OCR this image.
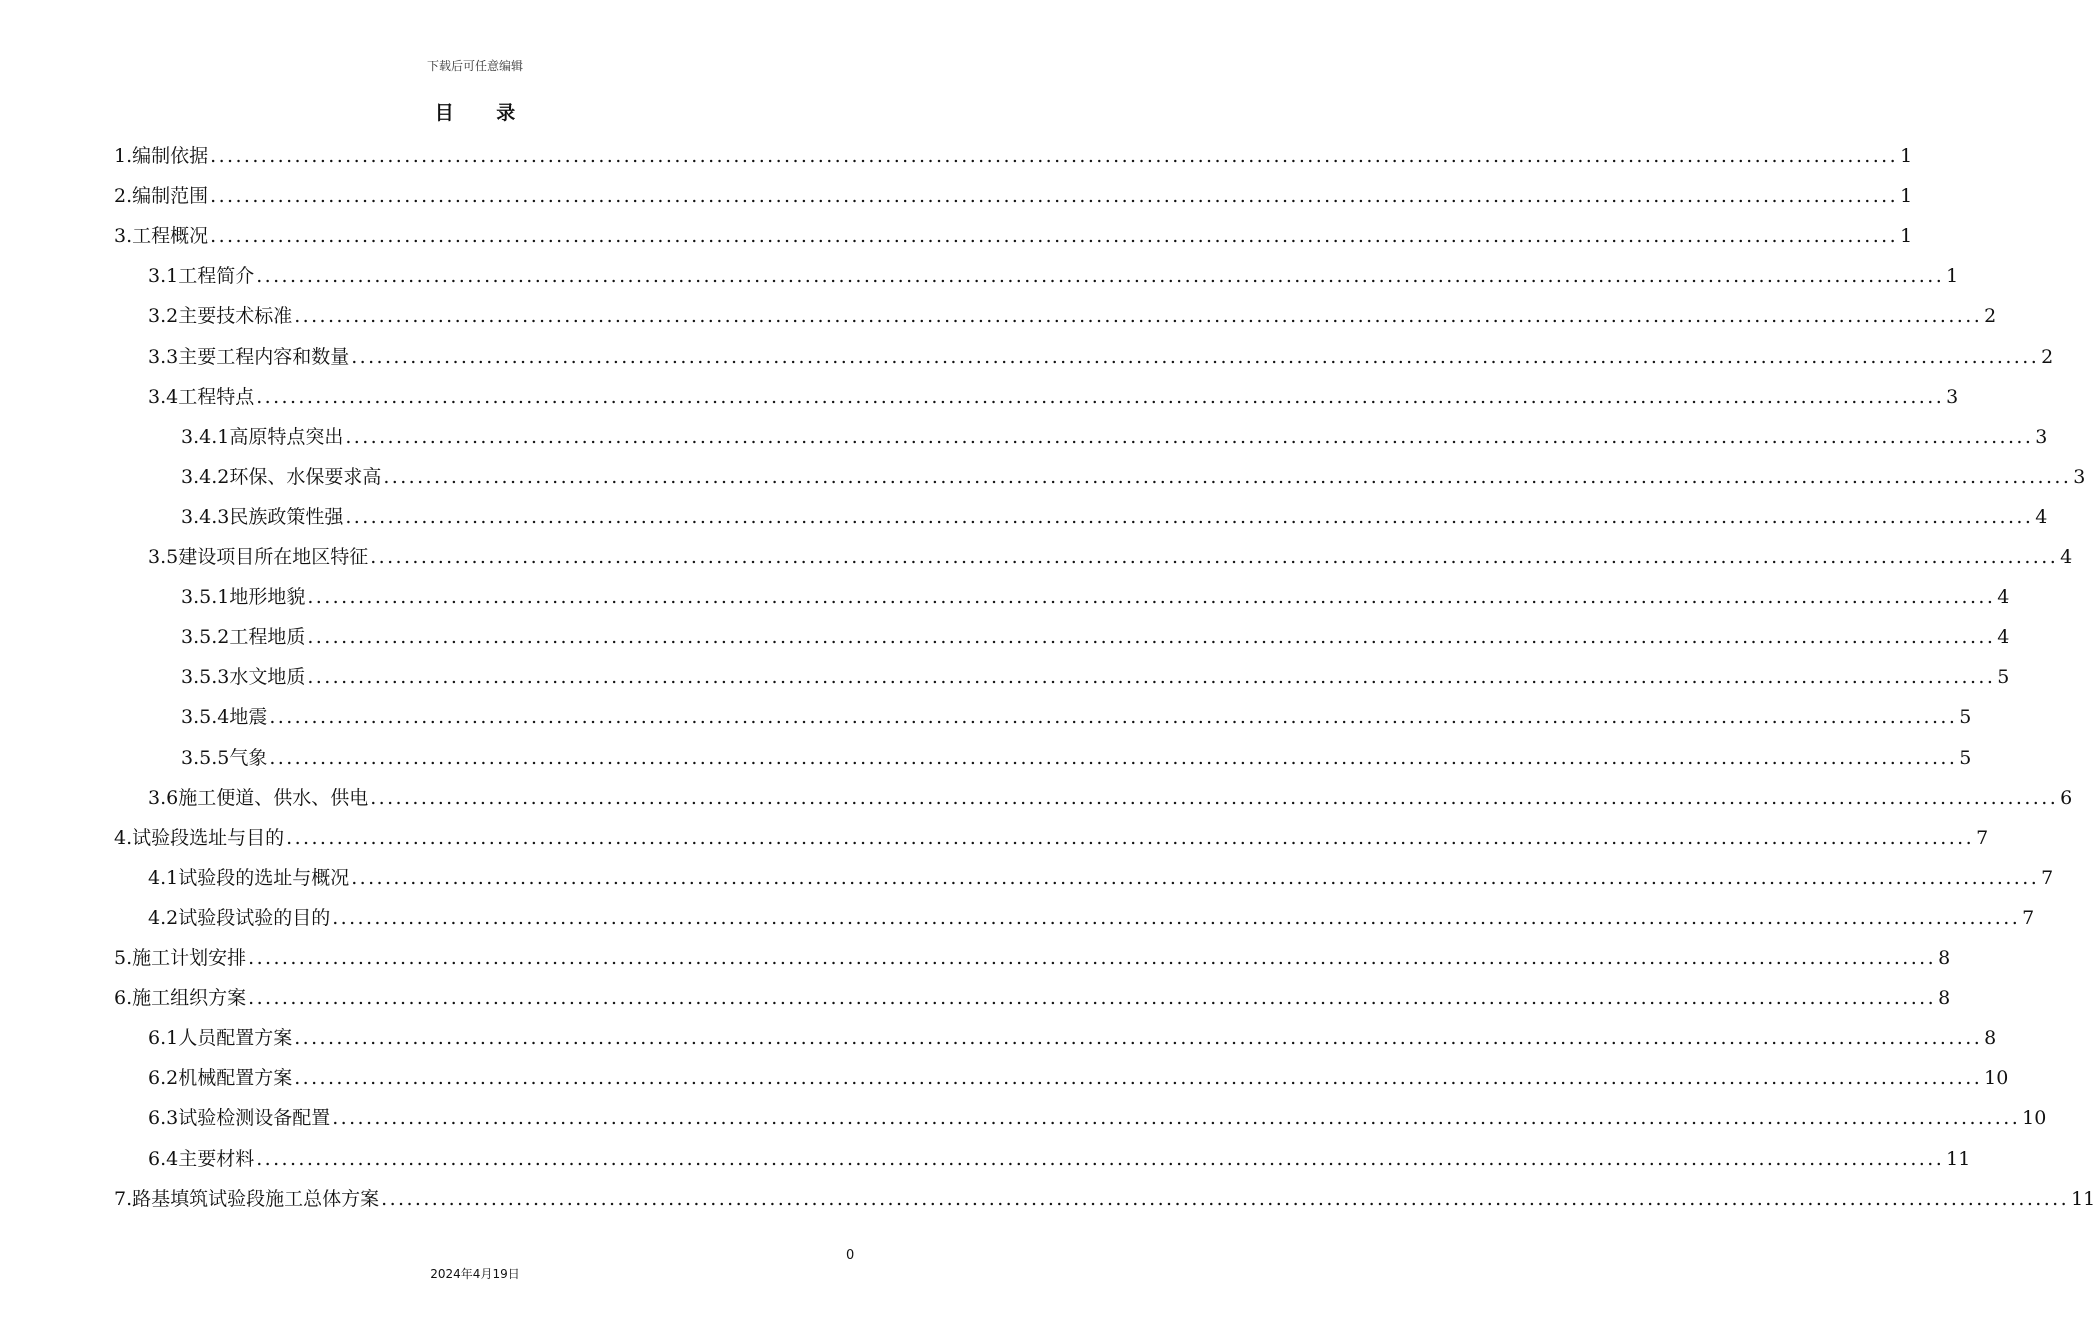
下载后可任意编辑
目 录
1.编制依据 ........................................................................................................................................................................................................ 1
2.编制范围 ........................................................................................................................................................................................................ 1
3.工程概况 ........................................................................................................................................................................................................ 1
3.1工程简介 ........................................................................................................................................................................................................ 1
3.2主要技术标准 ........................................................................................................................................................................................................ 2
3.3主要工程内容和数量 ........................................................................................................................................................................................................ 2
3.4工程特点 ........................................................................................................................................................................................................ 3
3.4.1高原特点突出 ........................................................................................................................................................................................................ 3
3.4.2环保、水保要求高 ........................................................................................................................................................................................................ 3
3.4.3民族政策性强 ........................................................................................................................................................................................................ 4
3.5建设项目所在地区特征 ........................................................................................................................................................................................................ 4
3.5.1地形地貌 ........................................................................................................................................................................................................ 4
3.5.2工程地质 ........................................................................................................................................................................................................ 4
3.5.3水文地质 ........................................................................................................................................................................................................ 5
3.5.4地震 ........................................................................................................................................................................................................ 5
3.5.5气象 ........................................................................................................................................................................................................ 5
3.6施工便道、供水、供电 ........................................................................................................................................................................................................ 6
4.试验段选址与目的 ........................................................................................................................................................................................................ 7
4.1试验段的选址与概况 ........................................................................................................................................................................................................ 7
4.2试验段试验的目的 ........................................................................................................................................................................................................ 7
5.施工计划安排 ........................................................................................................................................................................................................ 8
6.施工组织方案 ........................................................................................................................................................................................................ 8
6.1人员配置方案 ........................................................................................................................................................................................................ 8
6.2机械配置方案 ........................................................................................................................................................................................................ 10
6.3试验检测设备配置 ........................................................................................................................................................................................................ 10
6.4主要材料 ........................................................................................................................................................................................................ 11
7.路基填筑试验段施工总体方案 ........................................................................................................................................................................................................ 11
0
2024年4月19日
